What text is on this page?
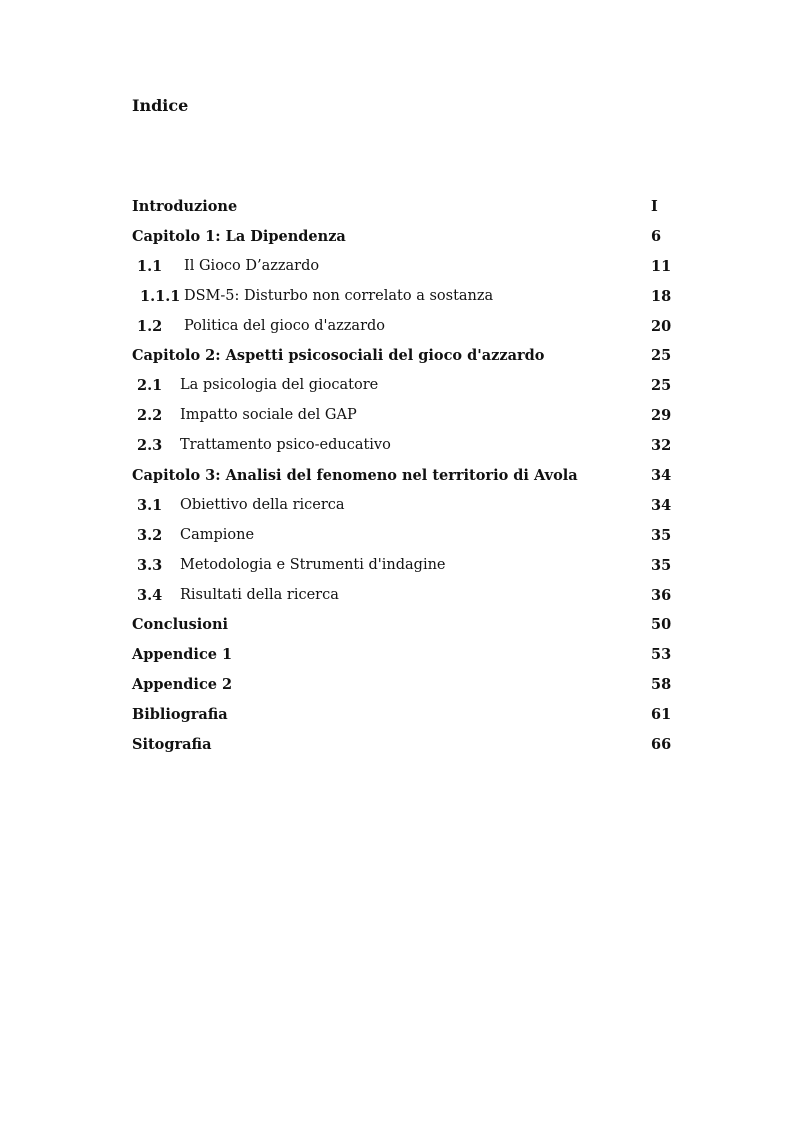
Indice
Introduzione	I
Capitolo 1: La Dipendenza	6
1.1 Il Gioco D’azzardo	11
1.1.1 DSM-5: Disturbo non correlato a sostanza	18
1.2 Politica del gioco d'azzardo	20
Capitolo 2: Aspetti psicosociali del gioco d'azzardo	25
2.1 La psicologia del giocatore	25
2.2 Impatto sociale del GAP	29
2.3 Trattamento psico-educativo	32
Capitolo 3: Analisi del fenomeno nel territorio di Avola	34
3.1 Obiettivo della ricerca	34
3.2 Campione	35
3.3 Metodologia e Strumenti d'indagine	35
3.4 Risultati della ricerca	36
Conclusioni	50
Appendice 1	53
Appendice 2	58
Bibliografia	61
Sitografia	66
